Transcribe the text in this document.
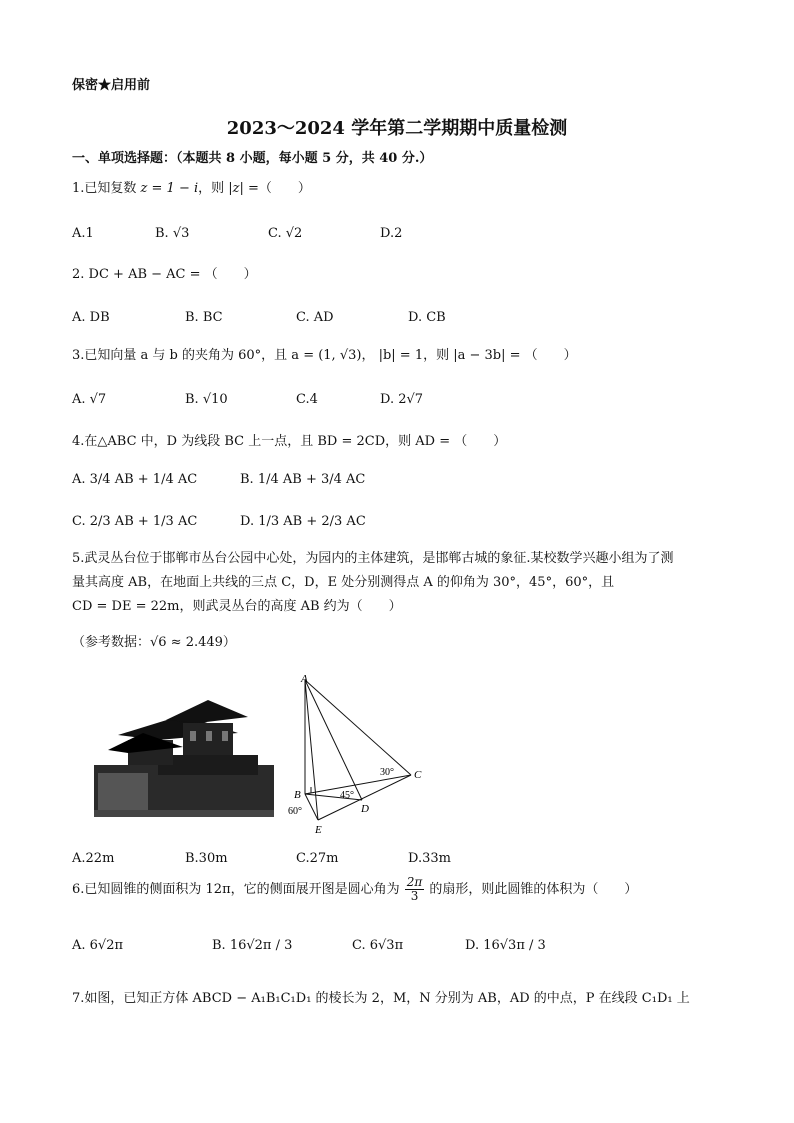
保密★启用前
2023～2024 学年第二学期期中质量检测
一、单项选择题：（本题共 8 小题，每小题 5 分，共 40 分.）
1.已知复数 z = 1 − i，则 |z| =（　　）
A.1	B. √3	C. √2	D.2
2. DC + AB − AC = （　　）
A. DB	B. BC	C. AD	D. CB
3.已知向量 a 与 b 的夹角为 60°，且 a = (1, √3)， |b| = 1，则 |a − 3b| = （　　）
A. √7	B. √10	C.4	D. 2√7
4.在△ABC 中，D 为线段 BC 上一点，且 BD = 2CD，则 AD = （　　）
A. 3/4 AB + 1/4 AC	B. 1/4 AB + 3/4 AC
C. 2/3 AB + 1/3 AC	D. 1/3 AB + 2/3 AC
5.武灵丛台位于邯郸市丛台公园中心处，为园内的主体建筑，是邯郸古城的象征.某校数学兴趣小组为了测
量其高度 AB，在地面上共线的三点 C，D，E 处分别测得点 A 的仰角为 30°，45°，60°，且
CD = DE = 22m，则武灵丛台的高度 AB 约为（　　）
（参考数据：√6 ≈ 2.449）
A
B
C
D
E
30°
45°
60°
A.22m	B.30m	C.27m	D.33m
6.已知圆锥的侧面积为 12π，它的侧面展开图是圆心角为 $\frac{2\pi}{3}$ 的扇形，则此圆锥的体积为（　　）
A. 6√2π	B. 16√2π / 3	C. 6√3π	D. 16√3π / 3
7.如图，已知正方体 ABCD − A₁B₁C₁D₁ 的棱长为 2，M，N 分别为 AB，AD 的中点，P 在线段 C₁D₁ 上
